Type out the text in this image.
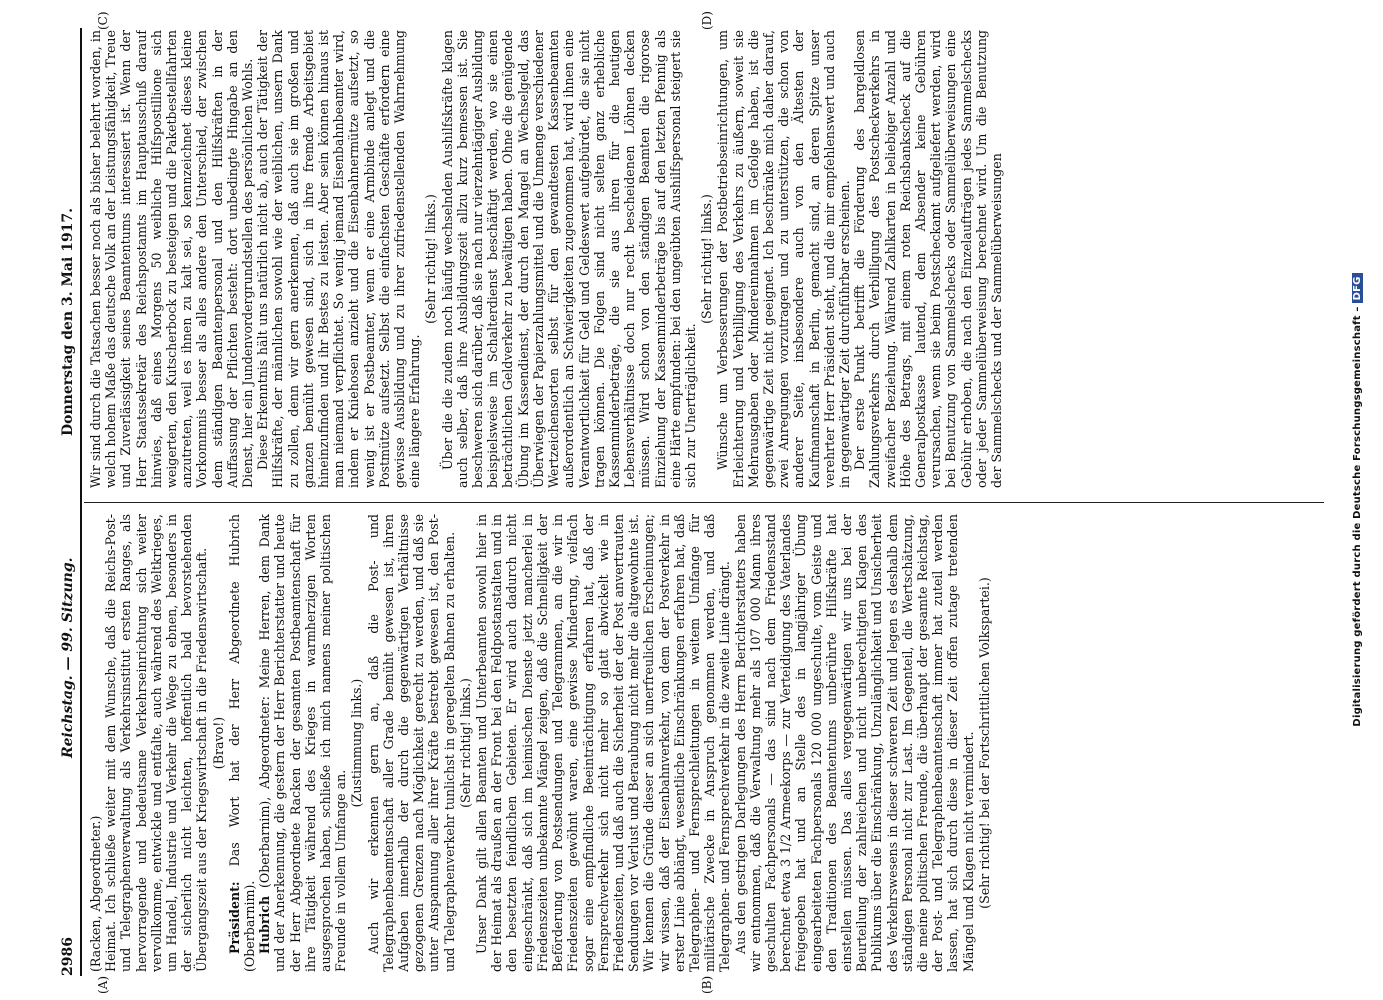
2986
Reichstag. — 99. Sitzung.
Donnerstag den 3. Mai 1917.
(A)	(B)
(C)	(D)

(Racken, Abgeordneter.) Heimat. Ich schließe weiter mit dem Wunsche, daß die Reichs-Post- und Telegraphenverwaltung als Verkehrsinstitut ersten Ranges, als hervorragende und bedeutsame Verkehrseinrichtung sich weiter vervollkomme, entwickle und entfalte, auch während des Weltkrieges, um Handel, Industrie und Verkehr die Wege zu ebnen, besonders in der sicherlich nicht leichten, hoffentlich bald bevorstehenden Übergangszeit aus der Kriegswirtschaft in die Friedenswirtschaft. (Bravo!)

Präsident: Das Wort hat der Herr Abgeordnete Hubrich (Oberbarnim). Hubrich (Oberbarnim), Abgeordneter: Meine Herren, dem Dank und der Anerkennung, die gestern der Herr Berichterstatter und heute der Herr Abgeordnete Racken der gesamten Postbeamtenschaft für ihre Tätigkeit während des Krieges in warmherzigen Worten ausgesprochen haben, schließe ich mich namens meiner politischen Freunde in vollem Umfange an.

(Zustimmung links.) Auch wir erkennen gern an, daß die Post- und Telegraphenbeamtenschaft aller Grade bemüht gewesen ist, ihren Aufgaben innerhalb der durch die gegenwärtigen Verhältnisse gezogenen Grenzen nach Möglichkeit gerecht zu werden, und daß sie unter Anspannung aller ihrer Kräfte bestrebt gewesen ist, den Post- und Telegraphenverkehr tunlichst in geregelten Bahnen zu erhalten. (Sehr richtig! links.) Unser Dank gilt allen Beamten und Unterbeamten sowohl hier in der Heimat als draußen an der Front bei den Feldpostanstalten und in den besetzten feindlichen Gebieten. Er wird auch dadurch nicht eingeschränkt, daß sich im heimischen Dienste jetzt mancherlei in Friedenszeiten unbekannte Mängel zeigen, daß die Schnelligkeit der Beförderung von Postsendungen und Telegrammen, an die wir in Friedenszeiten gewöhnt waren, eine gewisse Minderung, vielfach sogar eine empfindliche Beeinträchtigung erfahren hat, daß der Fernsprechverkehr sich nicht mehr so glatt abwickelt wie in Friedenszeiten, und daß auch die Sicherheit der der Post anvertrauten Sendungen vor Verlust und Beraubung nicht mehr die altgewohnte ist. Wir kennen die Gründe dieser an sich unerfreulichen Erscheinungen; wir wissen, daß der Eisenbahnverkehr, von dem der Postverkehr in erster Linie abhängt, wesentliche Einschränkungen erfahren hat, daß Telegraphen- und Fernsprechleitungen in weitem Umfange für militärische Zwecke in Anspruch genommen werden, und daß Telegraphen- und Fernsprechverkehr in die zweite Linie drängt. Aus den gestrigen Darlegungen des Herrn Berichterstatters haben wir entnommen, daß die Verwaltung mehr als 107 000 Mann ihres geschulten Fachpersonals — das sind nach dem Friedensstand berechnet etwa 3 1/2 Armeekorps — zur Verteidigung des Vaterlandes freigegeben hat und an Stelle des in langjähriger Übung eingearbeiteten Fachpersonals 120 000 ungeschulte, vom Geiste und den Traditionen des Beamtentums unberührte Hilfskräfte hat einstellen müssen. Das alles vergegenwärtigen wir uns bei der Beurteilung der zahlreichen und nicht unberechtigten Klagen des Publikums über die Einschränkung, Unzulänglichkeit und Unsicherheit des Verkehrswesens in dieser schweren Zeit und legen es deshalb dem ständigen Personal nicht zur Last. Im Gegenteil, die Wertschätzung, die meine politischen Freunde, die überhaupt der gesamte Reichstag, der Post- und Telegraphenbeamtenschaft immer hat zuteil werden lassen, hat sich durch diese in dieser Zeit offen zutage tretenden Mängel und Klagen nicht vermindert. (Sehr richtig! bei der Fortschrittlichen Volkspartei.)

Wir sind durch die Tatsachen besser noch als bisher belehrt worden, in welch hohem Maße das deutsche Volk an der Leistungsfähigkeit, Treue und Zuverlässigkeit seines Beamtentums interessiert ist. Wenn der Herr Staatssekretär des Reichspostamts im Hauptausschuß darauf hinwies, daß eines Morgens 50 weibliche Hilfspostillione sich weigerten, den Kutscherbock zu besteigen und die Paketbestellfahrten anzutreten, weil es ihnen zu kalt sei, so kennzeichnet dieses kleine Vorkommnis besser als alles andere den Unterschied, der zwischen dem ständigen Beamtenpersonal und den Hilfskräften in der Auffassung der Pflichten besteht: dort unbedingte Hingabe an den Dienst, hier ein Jundenvordergrundstellen des persönlichen Wohls. Diese Erkenntnis hält uns natürlich nicht ab, auch der Tätigkeit der Hilfskräfte, der männlichen sowohl wie der weiblichen, unsern Dank zu zollen, denn wir gern anerkennen, daß auch sie im großen und ganzen bemüht gewesen sind, sich in ihre fremde Arbeitsgebiet hineinzufinden und ihr Bestes zu leisten. Aber sein können hinaus ist man niemand verpflichtet. So wenig jemand Eisenbahnbeamter wird, indem er Kniehosen anzieht und die Eisenbahnermütze aufsetzt, so wenig ist er Postbeamter, wenn er eine Armbinde anlegt und die Postmütze aufsetzt. Selbst die einfachsten Geschäfte erfordern eine gewisse Ausbildung und zu ihrer zufriedenstellenden Wahrnehmung eine längere Erfahrung.

(Sehr richtig! links.) Über die die zudem noch häufig wechselnden Aushilfskräfte klagen auch selber, daß ihre Ausbildungszeit allzu kurz bemessen ist. Sie beschweren sich darüber, daß sie nach nur vierzehntägiger Ausbildung beispielsweise im Schalterdienst beschäftigt werden, wo sie einen beträchtlichen Geldverkehr zu bewältigen haben. Ohne die genügende Übung im Kassendienst, der durch den Mangel an Wechselgeld, das Überwiegen der Papierzahlungsmittel und die Unmenge verschiedener Wertzeichensorten selbst für den gewandtesten Kassenbeamten außerordentlich an Schwierigkeiten zugenommen hat, wird ihnen eine Verantwortlichkeit für Geld und Geldeswert aufgebürdet, die sie nicht tragen können. Die Folgen sind nicht selten ganz erhebliche Kassenminderbeträge, die sie aus ihren für die heutigen Lebensverhältnisse doch nur recht bescheidenen Löhnen decken müssen. Wird schon von den ständigen Beamten die rigorose Einziehung der Kassenminderbeträge bis auf den letzten Pfennig als eine Härte empfunden: bei den ungeübten Aushilfspersonal steigert sie sich zur Unerträglichkeit.

(Sehr richtig! links.) Wünsche um Verbesserungen der Postbetriebseinrichtungen, um Erleichterung und Verbilligung des Verkehrs zu äußern, soweit sie Mehrausgaben oder Mindereinnahmen im Gefolge haben, ist die gegenwärtige Zeit nicht geeignet. Ich beschränke mich daher darauf, zwei Anregungen vorzutragen und zu unterstützen, die schon von anderer Seite, insbesondere auch von den Ältesten der Kaufmannschaft in Berlin, gemacht sind, an deren Spitze unser verehrter Herr Präsident steht, und die mir empfehlenswert und auch in gegenwärtiger Zeit durchführbar erscheinen. Der erste Punkt betrifft die Förderung des bargeldlosen Zahlungsverkehrs durch Verbilligung des Postscheckverkehrs in zweifacher Beziehung. Während Zahlkarten in beliebiger Anzahl und Höhe des Betrags, mit einem roten Reichsbankscheck auf die Generalpostkasse lautend, dem Absender keine Gebühren verursachen, wenn sie beim Postscheckamt aufgeliefert werden, wird bei Benutzung von Sammelschecks oder Sammelüberweisungen eine Gebühr erhoben, die nach den Einzelaufträgen jedes Sammelschecks oder jeder Sammelüberweisung berechnet wird. Um die Benutzung der Sammelschecks und der Sammelüberweisungen	Digitalisierung gefördert durch die Deutsche Forschungsgemeinschaft –DFG
